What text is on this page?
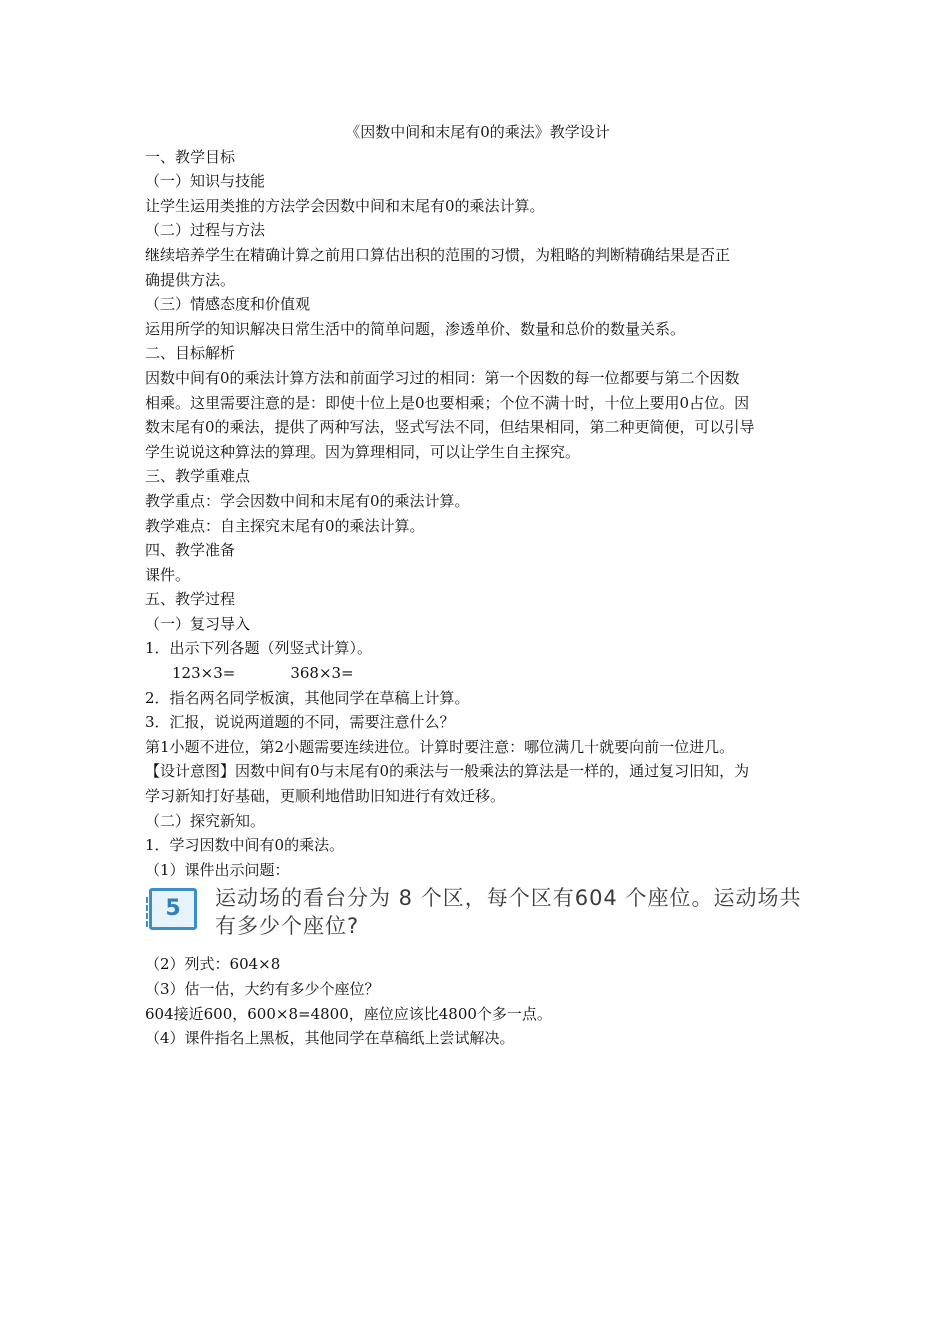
《因数中间和末尾有0的乘法》教学设计

一、教学目标

（一）知识与技能

让学生运用类推的方法学会因数中间和末尾有0的乘法计算。

（二）过程与方法

继续培养学生在精确计算之前用口算估出积的范围的习惯，为粗略的判断精确结果是否正

确提供方法。

（三）情感态度和价值观

运用所学的知识解决日常生活中的简单问题，渗透单价、数量和总价的数量关系。

二、目标解析

因数中间有0的乘法计算方法和前面学习过的相同：第一个因数的每一位都要与第二个因数

相乘。这里需要注意的是：即使十位上是0也要相乘；个位不满十时，十位上要用0占位。因

数末尾有0的乘法，提供了两种写法，竖式写法不同，但结果相同，第二种更简便，可以引导

学生说说这种算法的算理。因为算理相同，可以让学生自主探究。

三、教学重难点

教学重点：学会因数中间和末尾有0的乘法计算。

教学难点：自主探究末尾有0的乘法计算。

四、教学准备

课件。

五、教学过程

（一）复习导入

1．出示下列各题（列竖式计算）。

123×3=	368×3=

2．指名两名同学板演，其他同学在草稿上计算。

3．汇报，说说两道题的不同，需要注意什么？

第1小题不进位，第2小题需要连续进位。计算时要注意：哪位满几十就要向前一位进几。

【设计意图】因数中间有0与末尾有0的乘法与一般乘法的算法是一样的，通过复习旧知，为

学习新知打好基础，更顺利地借助旧知进行有效迁移。

（二）探究新知。

1．学习因数中间有0的乘法。

（1）课件出示问题：

5	运动场的看台分为 8 个区，每个区有604 个座位。运动场共
有多少个座位?

（2）列式：604×8

（3）估一估，大约有多少个座位？

604接近600，600×8=4800，座位应该比4800个多一点。

（4）课件指名上黑板，其他同学在草稿纸上尝试解决。
